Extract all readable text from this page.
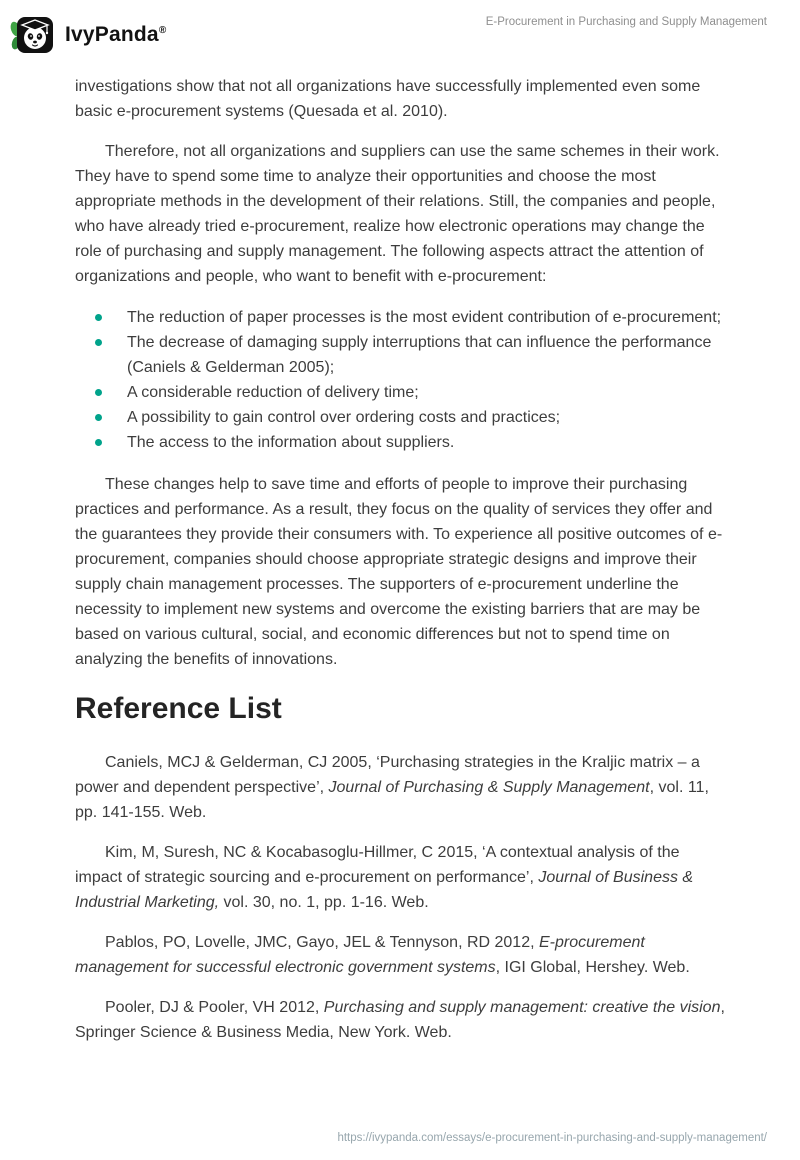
IvyPanda®
E-Procurement in Purchasing and Supply Management

investigations show that not all organizations have successfully implemented even some basic e-procurement systems (Quesada et al. 2010).

Therefore, not all organizations and suppliers can use the same schemes in their work. They have to spend some time to analyze their opportunities and choose the most appropriate methods in the development of their relations. Still, the companies and people, who have already tried e-procurement, realize how electronic operations may change the role of purchasing and supply management. The following aspects attract the attention of organizations and people, who want to benefit with e-procurement:

The reduction of paper processes is the most evident contribution of e-procurement;
The decrease of damaging supply interruptions that can influence the performance (Caniels & Gelderman 2005);
A considerable reduction of delivery time;
A possibility to gain control over ordering costs and practices;
The access to the information about suppliers.

These changes help to save time and efforts of people to improve their purchasing practices and performance. As a result, they focus on the quality of services they offer and the guarantees they provide their consumers with. To experience all positive outcomes of e-procurement, companies should choose appropriate strategic designs and improve their supply chain management processes. The supporters of e-procurement underline the necessity to implement new systems and overcome the existing barriers that are may be based on various cultural, social, and economic differences but not to spend time on analyzing the benefits of innovations.

Reference List

Caniels, MCJ & Gelderman, CJ 2005, ‘Purchasing strategies in the Kraljic matrix – a power and dependent perspective’, Journal of Purchasing & Supply Management, vol. 11, pp. 141-155. Web.

Kim, M, Suresh, NC & Kocabasoglu-Hillmer, C 2015, ‘A contextual analysis of the impact of strategic sourcing and e-procurement on performance’, Journal of Business & Industrial Marketing, vol. 30, no. 1, pp. 1-16. Web.

Pablos, PO, Lovelle, JMC, Gayo, JEL & Tennyson, RD 2012, E-procurement management for successful electronic government systems, IGI Global, Hershey. Web.

Pooler, DJ & Pooler, VH 2012, Purchasing and supply management: creative the vision, Springer Science & Business Media, New York. Web.

https://ivypanda.com/essays/e-procurement-in-purchasing-and-supply-management/
